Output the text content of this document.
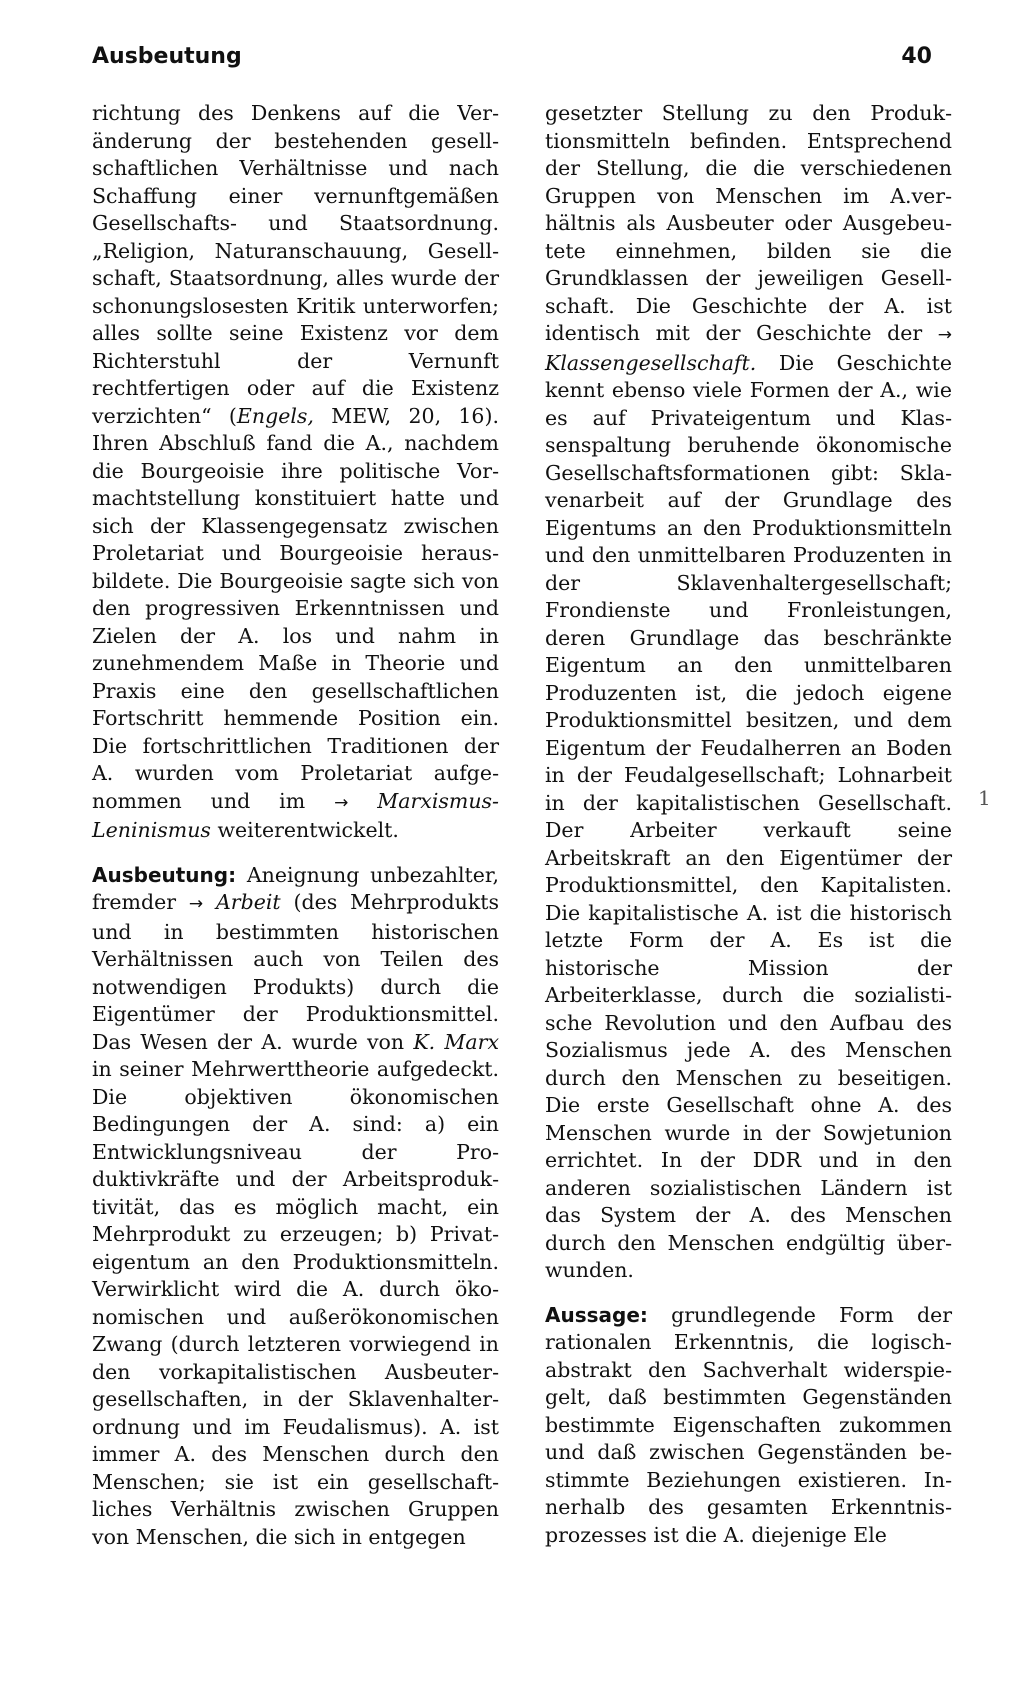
Ausbeutung	40

richtung des Denkens auf die Veränderung der bestehenden gesellschaftlichen Verhältnisse und nach Schaffung einer vernunftgemäßen Gesellschafts- und Staatsordnung. „Religion, Naturanschauung, Gesellschaft, Staatsordnung, alles wurde der schonungslosesten Kritik unterworfen; alles sollte seine Existenz vor dem Richterstuhl der Vernunft rechtfertigen oder auf die Existenz verzichten“ (Engels, MEW, 20, 16). Ihren Abschluß fand die A., nachdem die Bourgeoisie ihre politische Vormachtstellung konstituiert hatte und sich der Klassengegensatz zwischen Proletariat und Bourgeoisie herausbildete. Die Bourgeoisie sagte sich von den progressiven Erkenntnissen und Zielen der A. los und nahm in zunehmendem Maße in Theorie und Praxis eine den gesellschaftlichen Fortschritt hemmende Position ein. Die fortschrittlichen Traditionen der A. wurden vom Proletariat aufgenommen und im → Marxismus-Leninismus weiterentwickelt.

Ausbeutung: Aneignung unbezahlter, fremder → Arbeit (des Mehrprodukts und in bestimmten historischen Verhältnissen auch von Teilen des notwendigen Produkts) durch die Eigentümer der Produktionsmittel. Das Wesen der A. wurde von K. Marx in seiner Mehrwerttheorie aufgedeckt. Die objektiven ökonomischen Bedingungen der A. sind: a) ein Entwicklungsniveau der Produktivkräfte und der Arbeitsproduktivität, das es möglich macht, ein Mehrprodukt zu erzeugen; b) Privateigentum an den Produktionsmitteln. Verwirklicht wird die A. durch ökonomischen und außerökonomischen Zwang (durch letzteren vorwiegend in den vorkapitalistischen Ausbeutergesellschaften, in der Sklavenhalterordnung und im Feudalismus). A. ist immer A. des Menschen durch den Menschen; sie ist ein gesellschaftliches Verhältnis zwischen Gruppen von Menschen, die sich in entgegen

gesetzter Stellung zu den Produktionsmitteln befinden. Entsprechend der Stellung, die die verschiedenen Gruppen von Menschen im A.verhältnis als Ausbeuter oder Ausgebeutete einnehmen, bilden sie die Grundklassen der jeweiligen Gesellschaft. Die Geschichte der A. ist identisch mit der Geschichte der → Klassengesellschaft. Die Geschichte kennt ebenso viele Formen der A., wie es auf Privateigentum und Klassenspaltung beruhende ökonomische Gesellschaftsformationen gibt: Sklavenarbeit auf der Grundlage des Eigentums an den Produktionsmitteln und den unmittelbaren Produzenten in der Sklavenhaltergesellschaft; Frondienste und Fronleistungen, deren Grundlage das beschränkte Eigentum an den unmittelbaren Produzenten ist, die jedoch eigene Produktionsmittel besitzen, und dem Eigentum der Feudalherren an Boden in der Feudalgesellschaft; Lohnarbeit in der kapitalistischen Gesellschaft. Der Arbeiter verkauft seine Arbeitskraft an den Eigentümer der Produktionsmittel, den Kapitalisten. Die kapitalistische A. ist die historisch letzte Form der A. Es ist die historische Mission der Arbeiterklasse, durch die sozialistische Revolution und den Aufbau des Sozialismus jede A. des Menschen durch den Menschen zu beseitigen. Die erste Gesellschaft ohne A. des Menschen wurde in der Sowjetunion errichtet. In der DDR und in den anderen sozialistischen Ländern ist das System der A. des Menschen durch den Menschen endgültig überwunden.

Aussage: grundlegende Form der rationalen Erkenntnis, die logisch-abstrakt den Sachverhalt widerspiegelt, daß bestimmten Gegenständen bestimmte Eigenschaften zukommen und daß zwischen Gegenständen bestimmte Beziehungen existieren. Innerhalb des gesamten Erkenntnisprozesses ist die A. diejenige Ele

1
